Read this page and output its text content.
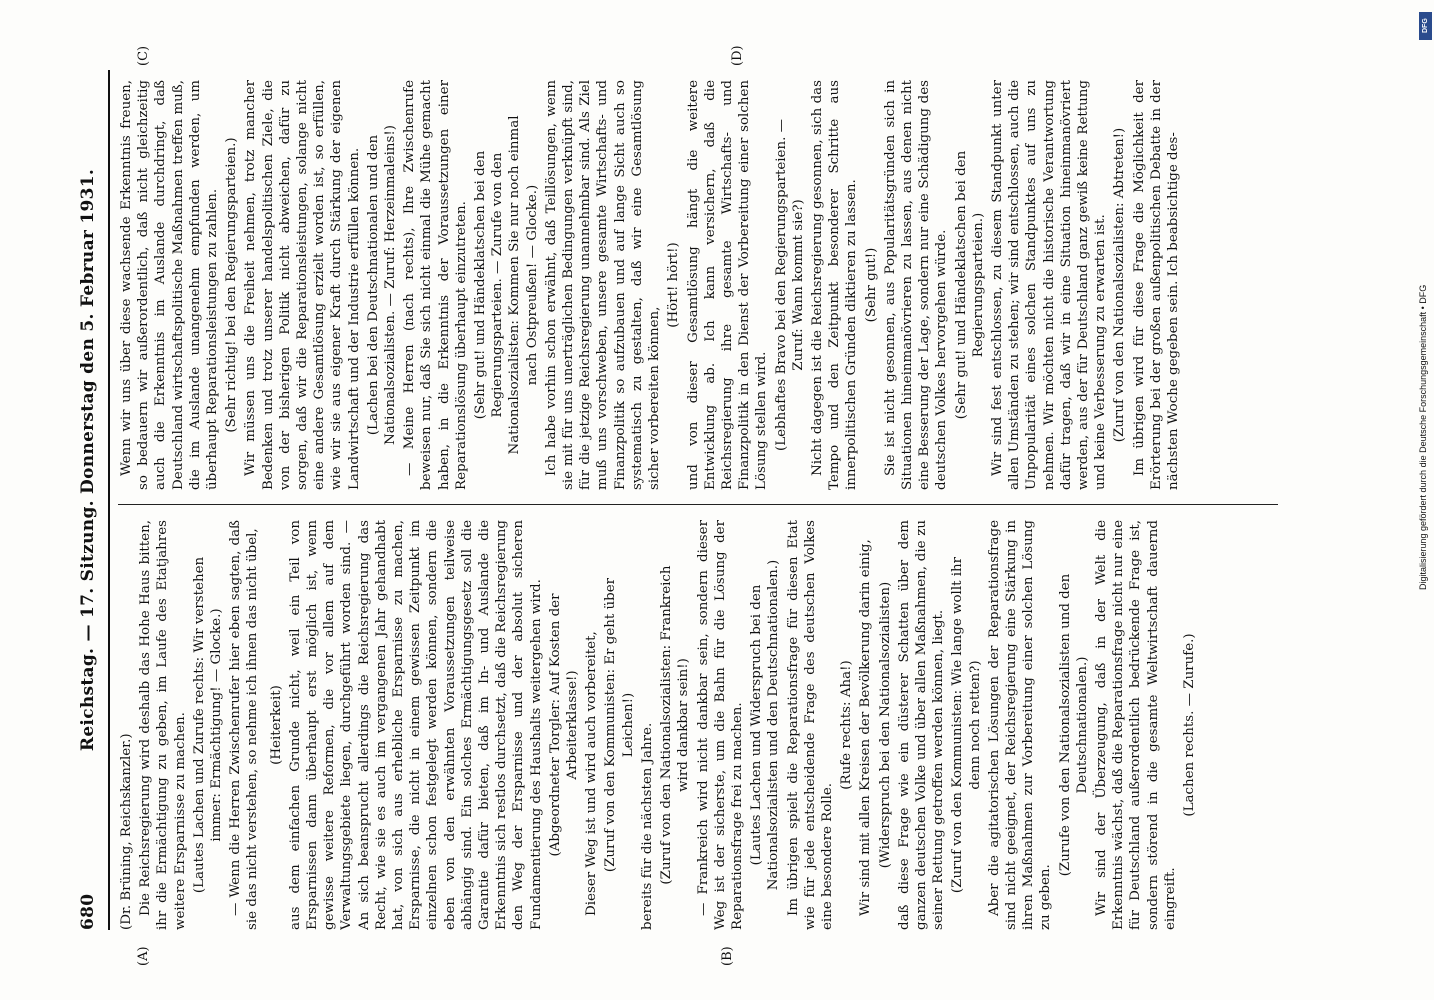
680
Reichstag. — 17. Sitzung. Donnerstag den 5. Februar 1931.
(A)	(B)
(C)	(D)

(Dr. Brüning, Reichskanzler.) Die Reichsregierung wird deshalb das Hohe Haus bitten, ihr die Ermächtigung zu geben, im Laufe des Etatjahres weitere Ersparnisse zu machen. (Lautes Lachen und Zurufe rechts: Wir verstehen immer: Ermächtigung! — Glocke.) — Wenn die Herren Zwischenrufer hier eben sagten, daß sie das nicht verstehen, so nehme ich ihnen das nicht übel, (Heiterkeit) aus dem einfachen Grunde nicht, weil ein Teil von Ersparnissen dann überhaupt erst möglich ist, wenn gewisse weitere Reformen, die vor allem auf dem Verwaltungsgebiete liegen, durchgeführt worden sind. — An sich beansprucht allerdings die Reichsregierung das Recht, wie sie es auch im vergangenen Jahr gehandhabt hat, von sich aus erhebliche Ersparnisse zu machen, Ersparnisse, die nicht in einem gewissen Zeitpunkt im einzelnen schon festgelegt werden können, sondern die eben von den erwähnten Voraussetzungen teilweise abhängig sind. Ein solches Ermächtigungsgesetz soll die Garantie dafür bieten, daß im In- und Auslande die Erkenntnis sich restlos durchsetzt, daß die Reichsregierung den Weg der Ersparnisse und der absolut sicheren Fundamentierung des Haushalts weitergehen wird. (Abgeordneter Torgler: Auf Kosten der Arbeiterklasse!) Dieser Weg ist und wird auch vorbereitet, (Zuruf von den Kommunisten: Er geht über Leichen!) bereits für die nächsten Jahre. (Zuruf von den Nationalsozialisten: Frankreich wird dankbar sein!) — Frankreich wird nicht dankbar sein, sondern dieser Weg ist der sicherste, um die Bahn für die Lösung der Reparationsfrage frei zu machen. (Lautes Lachen und Widerspruch bei den Nationalsozialisten und den Deutschnationalen.) Im übrigen spielt die Reparationsfrage für diesen Etat wie für jede entscheidende Frage des deutschen Volkes eine besondere Rolle.

(Rufe rechts: Aha!) Wir sind mit allen Kreisen der Bevölkerung darin einig, (Widerspruch bei den Nationalsozialisten) daß diese Frage wie ein düsterer Schatten über dem ganzen deutschen Volke und über allen Maßnahmen, die zu seiner Rettung getroffen werden können, liegt. (Zuruf von den Kommunisten: Wie lange wollt ihr denn noch retten?) Aber die agitatorischen Lösungen der Reparationsfrage sind nicht geeignet, der Reichsregierung eine Stärkung in ihren Maßnahmen zur Vorbereitung einer solchen Lösung zu geben.

(Zurufe von den Nationalsozialisten und den Deutschnationalen.) Wir sind der Überzeugung, daß in der Welt die Erkenntnis wächst, daß die Reparationsfrage nicht nur eine für Deutschland außerordentlich bedrückende Frage ist, sondern störend in die gesamte Weltwirtschaft dauernd eingreift.

(Lachen rechts. — Zurufe.)

Wenn wir uns über diese wachsende Erkenntnis freuen, so bedauern wir außerordentlich, daß nicht gleichzeitig auch die Erkenntnis im Auslande durchdringt, daß Deutschland wirtschaftspolitische Maßnahmen treffen muß, die im Auslande unangenehm empfunden werden, um überhaupt Reparationsleistungen zu zahlen. (Sehr richtig! bei den Regierungsparteien.) Wir müssen uns die Freiheit nehmen, trotz mancher Bedenken und trotz unserer handelspolitischen Ziele, die von der bisherigen Politik nicht abweichen, dafür zu sorgen, daß wir die Reparationsleistungen, solange nicht eine andere Gesamtlösung erzielt worden ist, so erfüllen, wie wir sie aus eigener Kraft durch Stärkung der eigenen Landwirtschaft und der Industrie erfüllen können. (Lachen bei den Deutschnationalen und den Nationalsozialisten. — Zuruf: Herzeinmaleins!) — Meine Herren (nach rechts), Ihre Zwischenrufe beweisen nur, daß Sie sich nicht einmal die Mühe gemacht haben, in die Erkenntnis der Voraussetzungen einer Reparationslösung überhaupt einzutreten. (Sehr gut! und Händeklatschen bei den Regierungsparteien. — Zurufe von den Nationalsozialisten: Kommen Sie nur noch einmal nach Ostpreußen! — Glocke.) Ich habe vorhin schon erwähnt, daß Teillösungen, wenn sie mit für uns unerträglichen Bedingungen verknüpft sind, für die jetzige Reichsregierung unannehmbar sind. Als Ziel muß uns vorschweben, unsere gesamte Wirtschafts- und Finanzpolitik so aufzubauen und auf lange Sicht auch so systematisch zu gestalten, daß wir eine Gesamtlösung sicher vorbereiten können,

(Hört! hört!) und von dieser Gesamtlösung hängt die weitere Entwicklung ab. Ich kann versichern, daß die Reichsregierung ihre gesamte Wirtschafts- und Finanzpolitik in den Dienst der Vorbereitung einer solchen Lösung stellen wird. (Lebhaftes Bravo bei den Regierungsparteien. — Zuruf: Wann kommt sie?) Nicht dagegen ist die Reichsregierung gesonnen, sich das Tempo und den Zeitpunkt besonderer Schritte aus innerpolitischen Gründen diktieren zu lassen. (Sehr gut!) Sie ist nicht gesonnen, aus Popularitätsgründen sich in Situationen hineinmanövrieren zu lassen, aus denen nicht eine Besserung der Lage, sondern nur eine Schädigung des deutschen Volkes hervorgehen würde. (Sehr gut! und Händeklatschen bei den Regierungsparteien.) Wir sind fest entschlossen, zu diesem Standpunkt unter allen Umständen zu stehen; wir sind entschlossen, auch die Unpopularität eines solchen Standpunktes auf uns zu nehmen. Wir möchten nicht die historische Verantwortung dafür tragen, daß wir in eine Situation hineinmanövriert werden, aus der für Deutschland ganz gewiß keine Rettung und keine Verbesserung zu erwarten ist. (Zuruf von den Nationalsozialisten: Abtreten!) Im übrigen wird für diese Frage die Möglichkeit der Erörterung bei der großen außenpolitischen Debatte in der nächsten Woche gegeben sein. Ich beabsichtige des-

DFG
Digitalisierung gefördert durch die Deutsche Forschungsgemeinschaft • DFG
